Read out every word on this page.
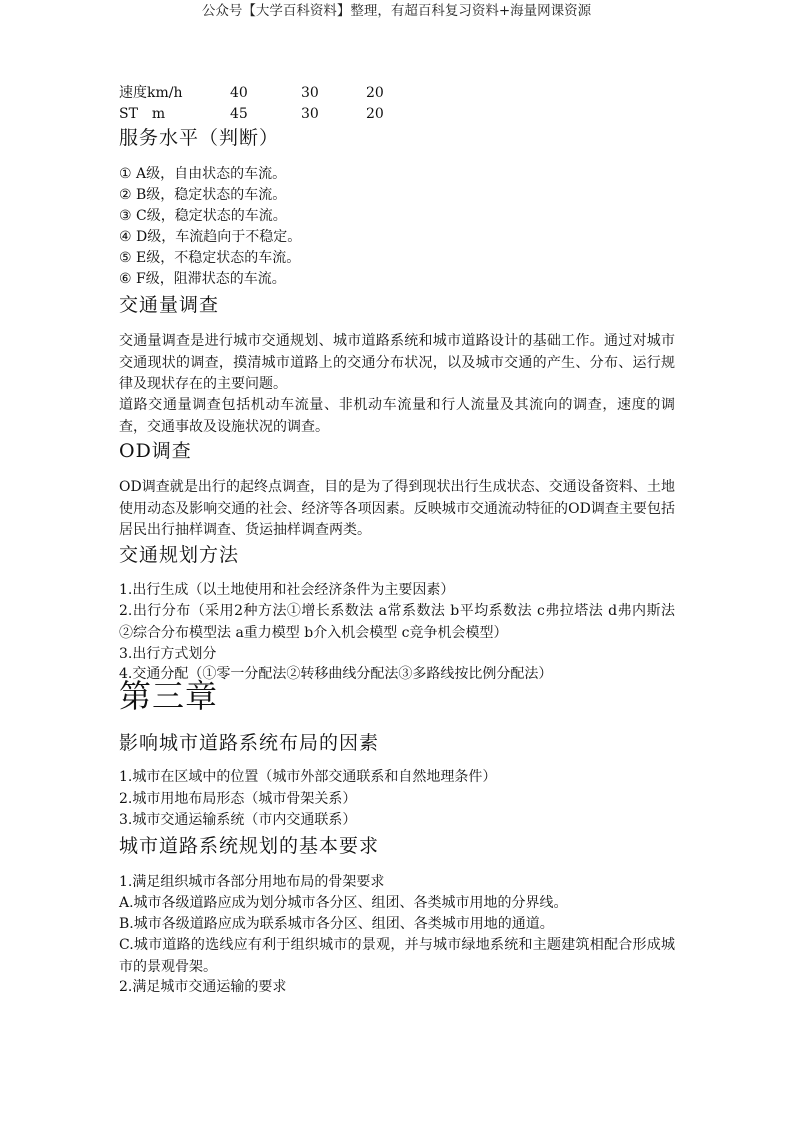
公众号【大学百科资料】整理，有超百科复习资料+海量网课资源
速度km/h	40	30	20
ST　m	45	30	20
服务水平（判断）
① A级，自由状态的车流。
② B级，稳定状态的车流。
③ C级，稳定状态的车流。
④ D级，车流趋向于不稳定。
⑤ E级，不稳定状态的车流。
⑥ F级，阻滞状态的车流。
交通量调查
交通量调查是进行城市交通规划、城市道路系统和城市道路设计的基础工作。通过对城市交通现状的调查，摸清城市道路上的交通分布状况，以及城市交通的产生、分布、运行规律及现状存在的主要问题。
道路交通量调查包括机动车流量、非机动车流量和行人流量及其流向的调查，速度的调查，交通事故及设施状况的调查。
OD调查
OD调查就是出行的起终点调查，目的是为了得到现状出行生成状态、交通设备资料、土地使用动态及影响交通的社会、经济等各项因素。反映城市交通流动特征的OD调查主要包括居民出行抽样调查、货运抽样调查两类。
交通规划方法
1.出行生成（以土地使用和社会经济条件为主要因素）
2.出行分布（采用2种方法①增长系数法 a常系数法 b平均系数法 c弗拉塔法 d弗内斯法　②综合分布模型法 a重力模型 b介入机会模型 c竞争机会模型）
3.出行方式划分
4.交通分配（①零一分配法②转移曲线分配法③多路线按比例分配法）
第三章
影响城市道路系统布局的因素
1.城市在区域中的位置（城市外部交通联系和自然地理条件）
2.城市用地布局形态（城市骨架关系）
3.城市交通运输系统（市内交通联系）
城市道路系统规划的基本要求
1.满足组织城市各部分用地布局的骨架要求
A.城市各级道路应成为划分城市各分区、组团、各类城市用地的分界线。
B.城市各级道路应成为联系城市各分区、组团、各类城市用地的通道。
C.城市道路的选线应有利于组织城市的景观，并与城市绿地系统和主题建筑相配合形成城市的景观骨架。
2.满足城市交通运输的要求
